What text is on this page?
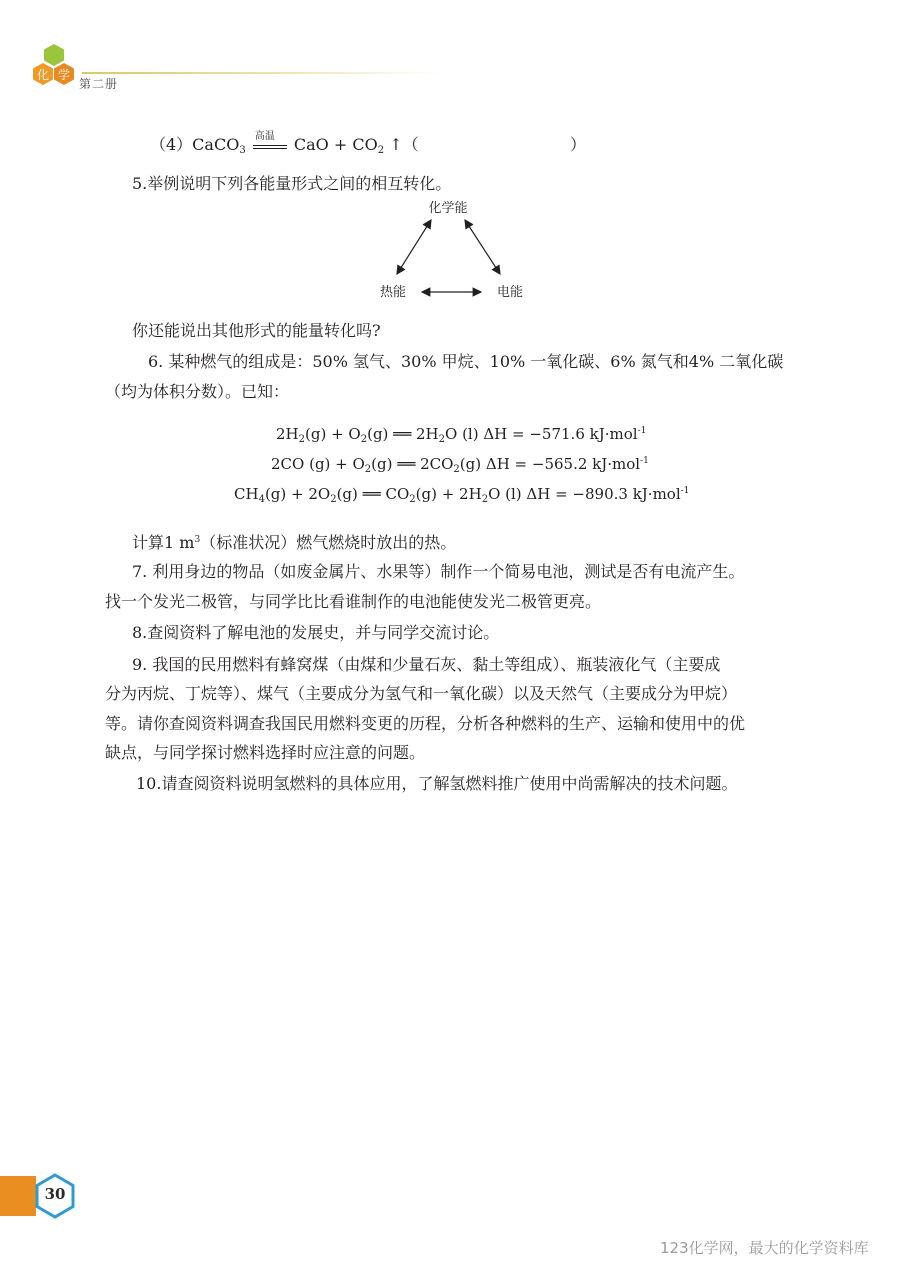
化 学
第二册
（4）CaCO$_3$
高温 CaO + $CO_2$ ↑（	）
5.举例说明下列各能量形式之间的相互转化。
化学能
热能	电能
你还能说出其他形式的能量转化吗?
6. 某种燃气的组成是：50% 氢气、30% 甲烷、10% 一氧化碳、6% 氮气和4% 二氧化碳
（均为体积分数）。已知：
$2H_2(g) + O_2(g)$ ══ $2H_2O$ (l) ΔH = −571.6 kJ·mol$^{-1}$
2CO $(g) + O_2(g)$ ══ $2CO_2(g) \Delta H = -565.2$ kJ·mol$^{-1}$
$CH_4(g) + 2O_2(g)$ ══ $CO_2(g) + 2H_2O$ (l) ΔH = −890.3 kJ·mol$^{-1}$
计算1 $m^3$（标准状况）燃气燃烧时放出的热。
7. 利用身边的物品（如废金属片、水果等）制作一个简易电池，测试是否有电流产生。
找一个发光二极管，与同学比比看谁制作的电池能使发光二极管更亮。
8.查阅资料了解电池的发展史，并与同学交流讨论。
9. 我国的民用燃料有蜂窝煤（由煤和少量石灰、黏土等组成）、瓶装液化气（主要成
分为丙烷、丁烷等）、煤气（主要成分为氢气和一氧化碳）以及天然气（主要成分为甲烷）
等。请你查阅资料调查我国民用燃料变更的历程，分析各种燃料的生产、运输和使用中的优
缺点，与同学探讨燃料选择时应注意的问题。
10.请查阅资料说明氢燃料的具体应用，了解氢燃料推广使用中尚需解决的技术问题。
30
123化学网，最大的化学资料库
